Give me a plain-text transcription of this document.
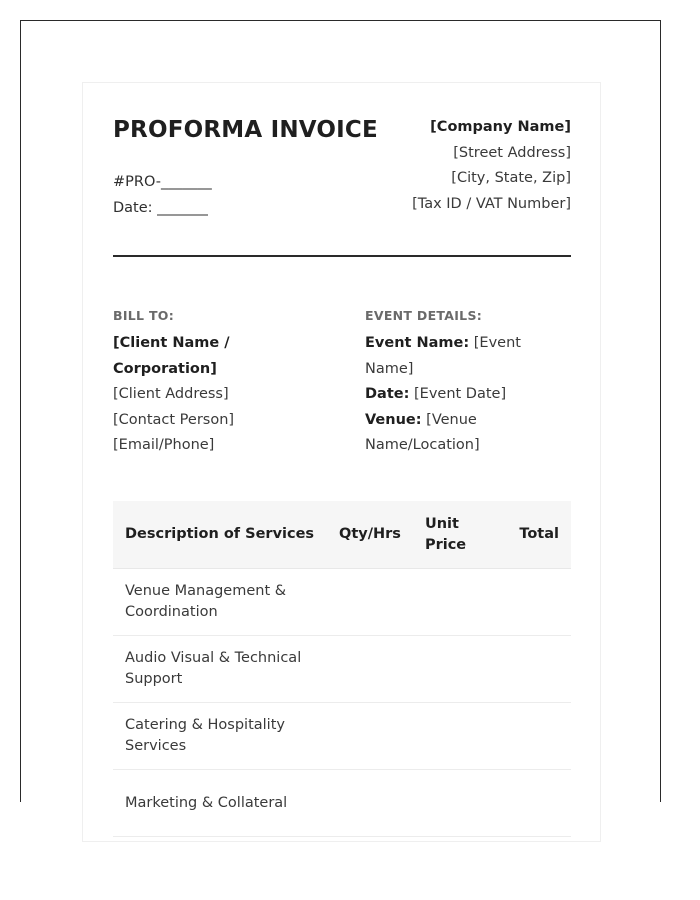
PROFORMA INVOICE
#PRO-_______
Date: _______
[Company Name]
[Street Address]
[City, State, Zip]
[Tax ID / VAT Number]
BILL TO:
[Client Name / Corporation]
[Client Address]
[Contact Person]
[Email/Phone]
EVENT DETAILS:
Event Name: [Event Name]
Date: [Event Date]
Venue: [Venue Name/Location]
Description of Services	Qty/Hrs	Unit Price	Total
Venue Management & Coordination			
Audio Visual & Technical Support			
Catering & Hospitality Services			
Marketing & Collateral			
